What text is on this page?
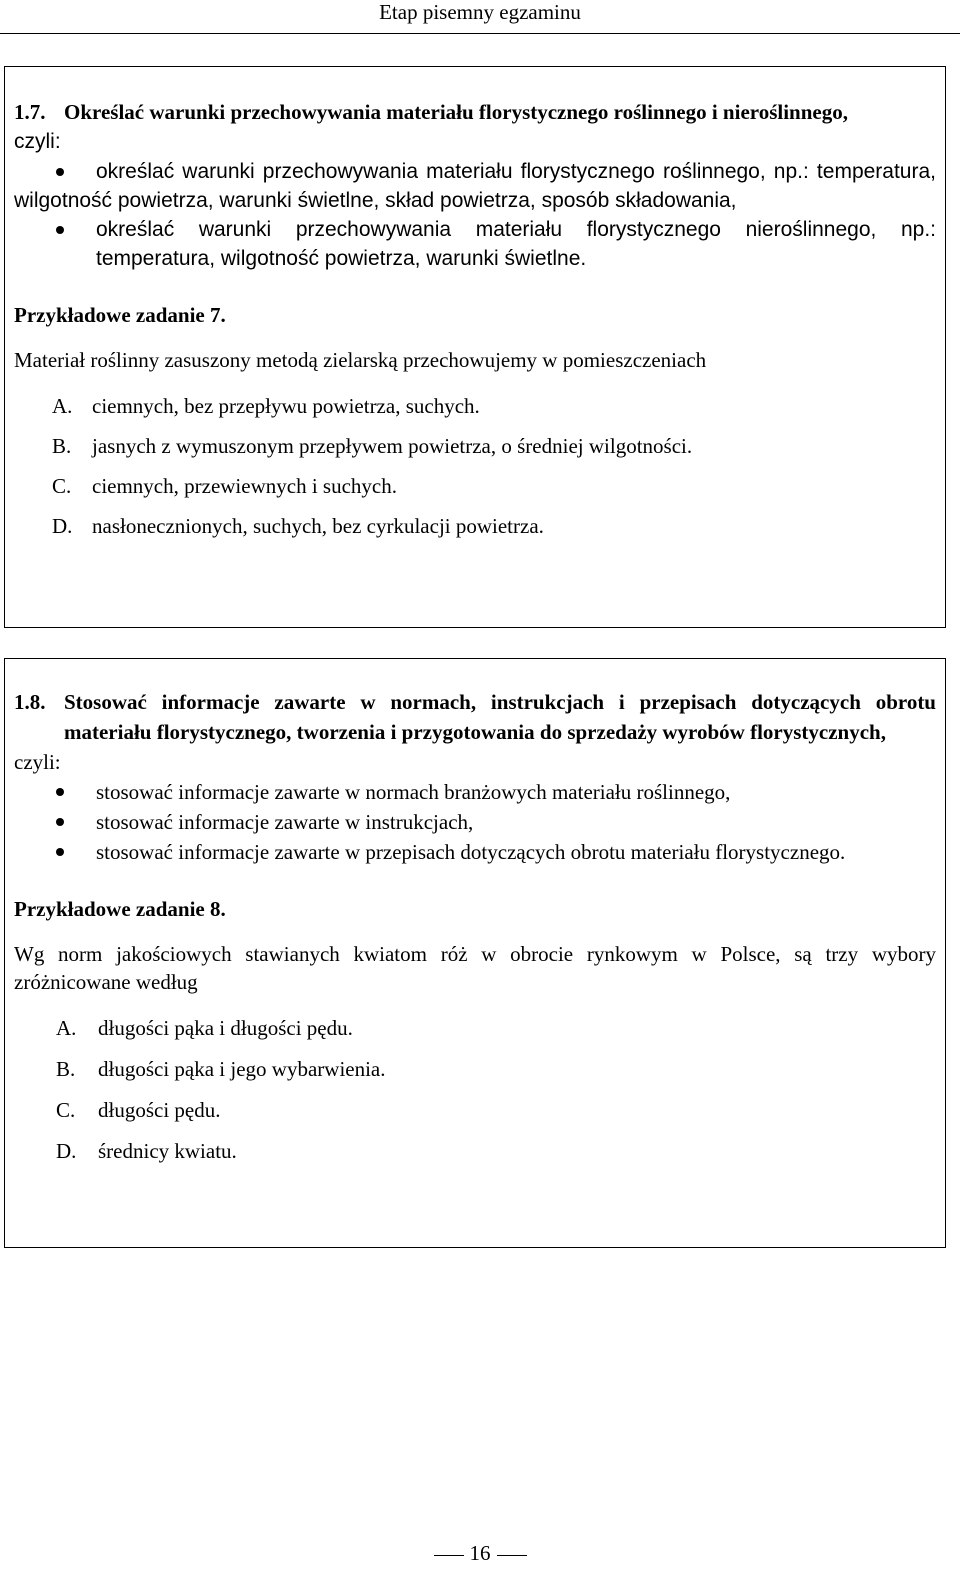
Etap pisemny egzaminu
1.7. Określać warunki przechowywania materiału florystycznego roślinnego i nieroślinnego,
czyli:
określać warunki przechowywania materiału florystycznego roślinnego, np.: temperatura, wilgotność powietrza, warunki świetlne, skład powietrza, sposób składowania,
określać warunki przechowywania materiału florystycznego nieroślinnego, np.: temperatura, wilgotność powietrza, warunki świetlne.
Przykładowe zadanie 7.
Materiał roślinny zasuszony metodą zielarską przechowujemy w pomieszczeniach
A. ciemnych, bez przepływu powietrza, suchych.
B. jasnych z wymuszonym przepływem powietrza, o średniej wilgotności.
C. ciemnych, przewiewnych i suchych.
D. nasłonecznionych, suchych, bez cyrkulacji powietrza.
1.8. Stosować informacje zawarte w normach, instrukcjach i przepisach dotyczących obrotu materiału florystycznego, tworzenia i przygotowania do sprzedaży wyrobów florystycznych,
czyli:
stosować informacje zawarte w normach branżowych materiału roślinnego,
stosować informacje zawarte w instrukcjach,
stosować informacje zawarte w przepisach dotyczących obrotu materiału florystycznego.
Przykładowe zadanie 8.
Wg norm jakościowych stawianych kwiatom róż w obrocie rynkowym w Polsce, są trzy wybory zróżnicowane według
A.	długości pąka i długości pędu.
B.	długości pąka i jego wybarwienia.
C.	długości pędu.
D.	średnicy kwiatu.
16
